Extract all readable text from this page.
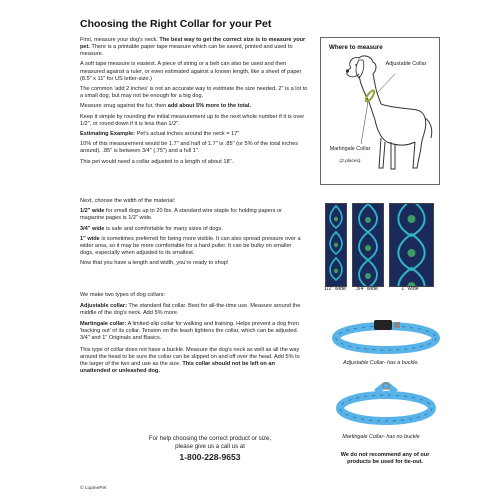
Choosing the Right Collar for your Pet

First, measure your dog's neck. The best way to get the correct size is to measure your pet. There is a printable paper tape measure which can be saved, printed and used to measure.

A soft tape measure is easiest. A piece of string or a belt can also be used and then measured against a ruler, or even estimated against a known length, like a sheet of paper (8.5" x 11" for US letter-size.)

The common 'add 2 inches' is not an accurate way to estimate the size needed. 2" is a lot to a small dog, but may not be enough for a big dog.

Measure snug against the fur, then add about 5% more to the total.

Keep it simple by rounding the initial measurement up to the next whole number if it is over 1/2", or round down if it is less than 1/2".

Estimating Example: Pet's actual inches around the neck = 17"

10% of this measurement would be 1.7" and half of 1.7" is .85" (or 5% of the total inches around). .85" is between 3/4" (.75") and a full 1".

This pet would need a collar adjusted to a length of about 18".

Next, choose the width of the material:

1/2" wide for small dogs up to 20 lbs. A standard wire staple for holding papers or magazine pages is 1/2" wide.

3/4" wide is safe and comfortable for many sizes of dogs.

1" wide is sometimes preferred for being more visible. It can also spread pressure over a wider area, so it may be more comfortable for a hard puller. It can be bulky on smaller dogs, especially when adjusted to its smallest.

Now that you have a length and width, you're ready to shop!

We make two types of dog collars:

Adjustable collar: The standard flat collar. Best for all-the-time use. Measure around the middle of the dog's neck. Add 5% more.

Martingale collar: A limited-slip collar for walking and training. Helps prevent a dog from 'backing out' of its collar. Tension on the leash tightens the collar, which can be adjusted. 3/4" and 1" Originals and Basics.

This type of collar does not have a buckle. Measure the dog's neck as well as all the way around the head to be sure the collar can be slipped on and off over the head. Add 5% to the larger of the two and use as the size. This collar should not be left on an unattended or unleashed dog.

For help choosing the correct product or size,
please give us a call us at
1-800-228-9653
© LupinePet
Where to measure
Adjustable Collar
Martingale Collar
(2 places)
1/2" wide	3/4" wide	1" wide
Adjustable Collar- has a buckle.
Martingale Collar- has no buckle
We do not recommend any of our products be used for tie-out.
